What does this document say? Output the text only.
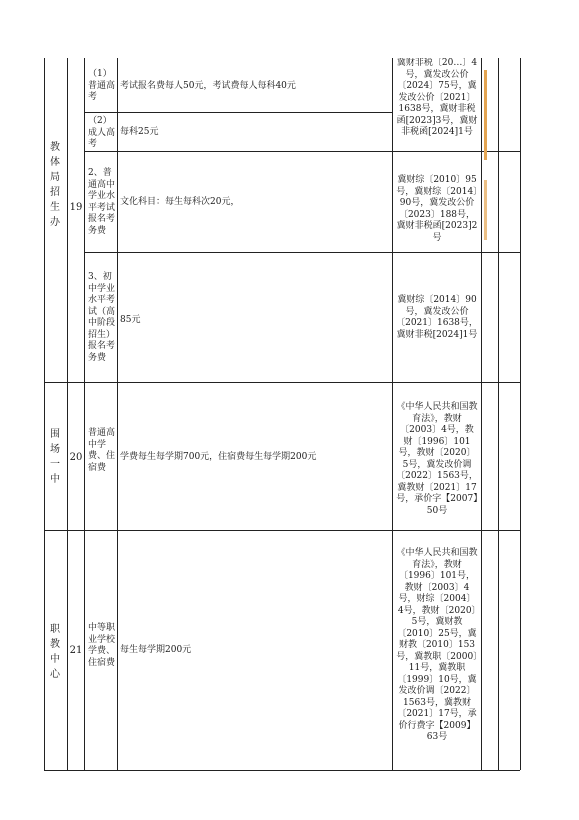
教体局招生办
19
（1）普通高考
考试报名费每人50元，考试费每人每科40元
（2）成人高考
每科25元
冀财非税〔20…〕4号，冀发改公价〔2024〕75号，冀发改公价〔2021〕1638号，冀财非税函[2023]3号，冀财非税函[2024]1号
2、普通高中学业水平考试报名考务费
文化科目：每生每科次20元，
冀财综〔2010〕95号，冀财综〔2014〕90号，冀发改公价〔2023〕188号，冀财非税函[2023]2号
3、初中学业水平考试（高中阶段招生）报名考务费
85元
冀财综〔2014〕90号，冀发改公价〔2021〕1638号，冀财非税[2024]1号
围场一中
20
普通高中学费、住宿费
学费每生每学期700元，住宿费每生每学期200元
《中华人民共和国教育法》，教财〔2003〕4号，教财〔1996〕101号，教财〔2020〕5号，冀发改价调〔2022〕1563号，冀教财〔2021〕17号，承价字【2007】50号
职教中心
21
中等职业学校学费、住宿费
每生每学期200元
《中华人民共和国教育法》，教财〔1996〕101号，教财〔2003〕4号，财综〔2004〕4号，教财〔2020〕5号，冀财教〔2010〕25号，冀财教〔2010〕153号，冀教职〔2000〕11号，冀教职〔1999〕10号，冀发改价调〔2022〕1563号，冀教财〔2021〕17号，承价行费字【2009】63号
